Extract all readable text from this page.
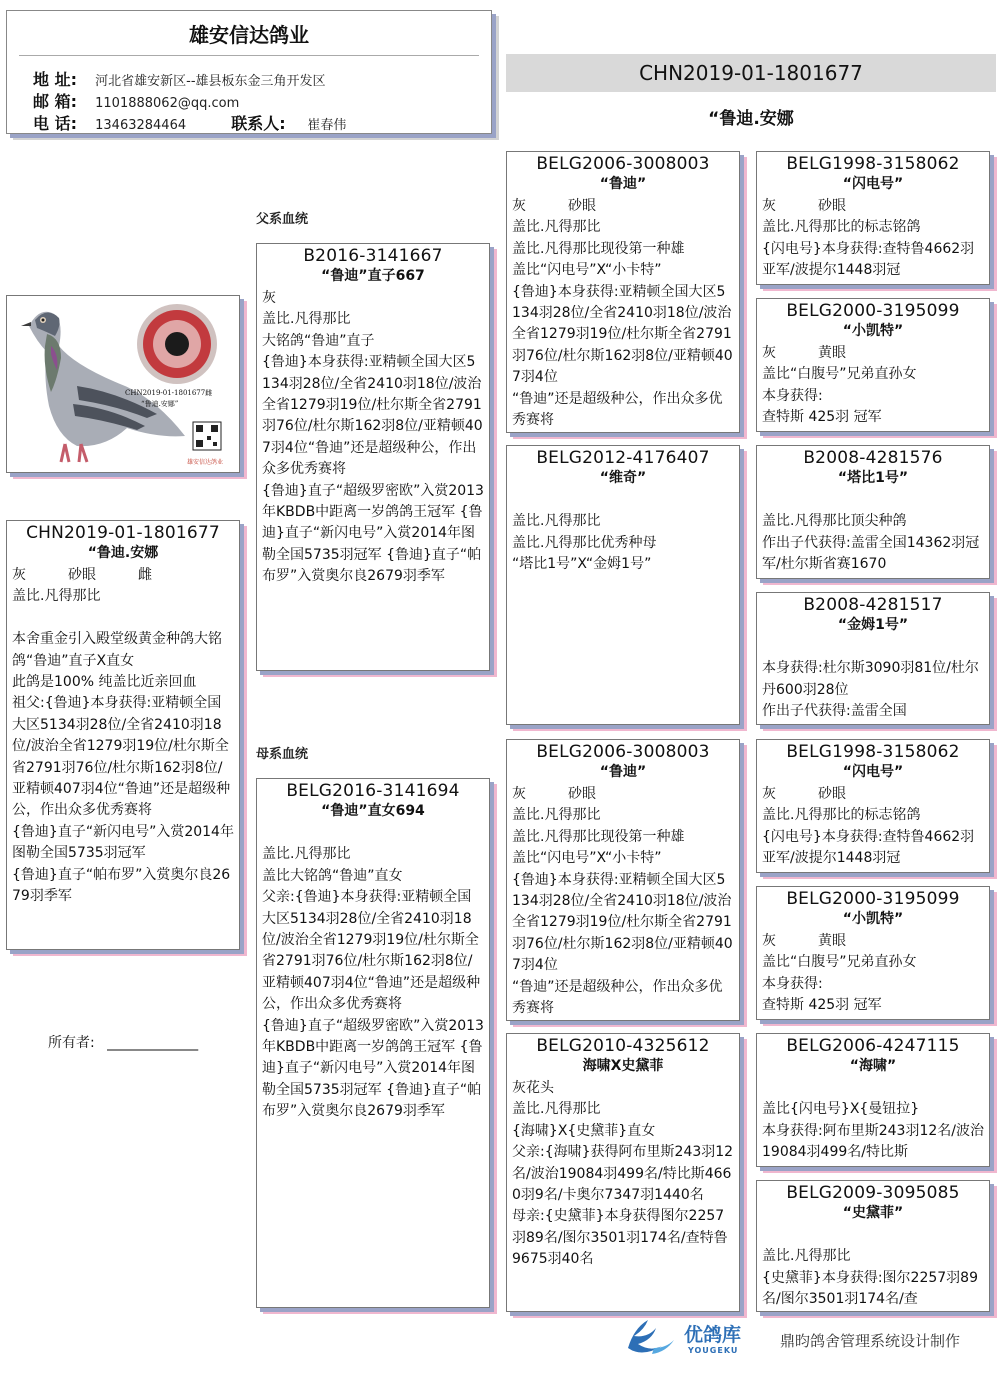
雄安信达鸽业
地 址: 河北省雄安新区--雄县板东金三角开发区
邮 箱: 1101888062@qq.com
电 话: 13463284464	联系人: 崔春伟
CHN2019-01-1801677
“鲁迪.安娜
CHN2019-01-1801677雌
“鲁迪.安娜”
雄安信达鸽业
父系血统
母系血统
CHN2019-01-1801677
“鲁迪.安娜
灰　　　砂眼　　　雌
盖比.凡得那比

本舍重金引入殿堂级黄金种鸽大铭鸽“鲁迪”直子X直女
此鸽是100% 纯盖比近亲回血
祖父:{鲁迪}本身获得:亚精顿全国大区5134羽28位/全省2410羽18位/波治全省1279羽19位/杜尔斯全省2791羽76位/杜尔斯162羽8位/亚精顿407羽4位“鲁迪”还是超级种公，作出众多优秀赛将
{鲁迪}直子“新闪电号”入赏2014年图勒全国5735羽冠军
{鲁迪}直子“帕布罗”入赏奥尔良2679羽季军
B2016-3141667
“鲁迪”直子667
灰
盖比.凡得那比
大铭鸽“鲁迪”直子
{鲁迪}本身获得:亚精顿全国大区5134羽28位/全省2410羽18位/波治全省1279羽19位/杜尔斯全省2791羽76位/杜尔斯162羽8位/亚精顿407羽4位“鲁迪”还是超级种公，作出众多优秀赛将
{鲁迪}直子“超级罗密欧”入赏2013年KBDB中距离一岁鸽鸽王冠军 {鲁迪}直子“新闪电号”入赏2014年图勒全国5735羽冠军 {鲁迪}直子“帕布罗”入赏奥尔良2679羽季军
BELG2016-3141694
“鲁迪”直女694

盖比.凡得那比
盖比大铭鸽“鲁迪”直女
父亲:{鲁迪}本身获得:亚精顿全国大区5134羽28位/全省2410羽18位/波治全省1279羽19位/杜尔斯全省2791羽76位/杜尔斯162羽8位/亚精顿407羽4位“鲁迪”还是超级种公，作出众多优秀赛将
{鲁迪}直子“超级罗密欧”入赏2013年KBDB中距离一岁鸽鸽王冠军 {鲁迪}直子“新闪电号”入赏2014年图勒全国5735羽冠军 {鲁迪}直子“帕布罗”入赏奥尔良2679羽季军
BELG2006-3008003
“鲁迪”
灰　　　砂眼
盖比.凡得那比
盖比.凡得那比现役第一种雄
盖比“闪电号”X“小卡特”
{鲁迪}本身获得:亚精顿全国大区5134羽28位/全省2410羽18位/波治全省1279羽19位/杜尔斯全省2791羽76位/杜尔斯162羽8位/亚精顿407羽4位
“鲁迪”还是超级种公，作出众多优秀赛将
BELG2012-4176407
“维奇”

盖比.凡得那比
盖比.凡得那比优秀种母
“塔比1号”X“金姆1号”
BELG2006-3008003
“鲁迪”
灰　　　砂眼
盖比.凡得那比
盖比.凡得那比现役第一种雄
盖比“闪电号”X“小卡特”
{鲁迪}本身获得:亚精顿全国大区5134羽28位/全省2410羽18位/波治全省1279羽19位/杜尔斯全省2791羽76位/杜尔斯162羽8位/亚精顿407羽4位
“鲁迪”还是超级种公，作出众多优秀赛将
BELG2010-4325612
海啸X史黛菲
灰花头
盖比.凡得那比
{海啸}X{史黛菲}直女
父亲:{海啸}获得阿布里斯243羽12名/波治19084羽499名/特比斯4660羽9名/卡奥尔7347羽1440名
母亲:{史黛菲}本身获得图尔2257羽89名/图尔3501羽174名/查特鲁9675羽40名
BELG1998-3158062
“闪电号”
灰　　　砂眼
盖比.凡得那比的标志铭鸽
{闪电号}本身获得:查特鲁4662羽亚军/波提尔1448羽冠
BELG2000-3195099
“小凯特”
灰　　　黄眼
盖比“白腹号”兄弟直孙女
本身获得:
查特斯 425羽 冠军
B2008-4281576
“塔比1号”

盖比.凡得那比顶尖种鸽
作出子代获得:盖雷全国14362羽冠军/杜尔斯省赛1670
B2008-4281517
“金姆1号”

本身获得:杜尔斯3090羽81位/杜尔丹600羽28位
作出子代获得:盖雷全国
BELG1998-3158062
“闪电号”
灰　　　砂眼
盖比.凡得那比的标志铭鸽
{闪电号}本身获得:查特鲁4662羽亚军/波提尔1448羽冠
BELG2000-3195099
“小凯特”
灰　　　黄眼
盖比“白腹号”兄弟直孙女
本身获得:
查特斯 425羽 冠军
BELG2006-4247115
“海啸”

盖比{闪电号}X{曼钮拉}
本身获得:阿布里斯243羽12名/波治19084羽499名/特比斯
BELG2009-3095085
“史黛菲”

盖比.凡得那比
{史黛菲}本身获得:图尔2257羽89名/图尔3501羽174名/查
所有者: _____________
优鸽库
YOUGEKU
鼎昀鸽舍管理系统设计制作
